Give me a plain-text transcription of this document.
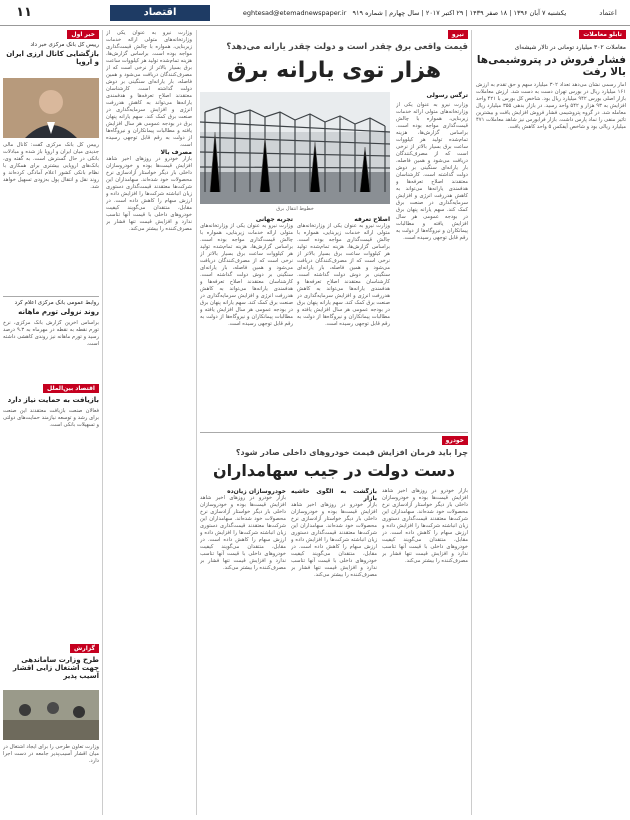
۱۱	اقتصاد	یکشنبه ۷ آبان ۱۳۹۶ | ۱۸ صفر ۱۴۳۹ | ۲۹ اکتبر ۲۰۱۷ | سال چهارم | شماره ۹۱۹   eghtesad@etemadnewspaper.ir	اعتماد
تابلو معاملات
معاملات ۳۰۲ میلیارد تومانی در تالار شیشه‌ای
فشار فروش در پتروشیمی‌ها بالا رفت
آمار رسمی نشان می‌دهد تعداد ۳۰۲ میلیارد سهم و حق تقدم به ارزش ۱۶۱ میلیارد ریال در بورس تهران دست به دست شد. ارزش معاملات بازار اصلی بورس ۹۴۲ میلیارد ریال بود. شاخص کل بورس با ۴۲۱ واحد افزایش به ۹۳ هزار و ۵۴۲ واحد رسید. در بازار بدهی ۳۵۵ میلیارد ریال معامله شد. در گروه پتروشیمی فشار فروش افزایش یافت و بیشترین تاثیر منفی را نماد پارس داشت. بازار فرابورس نیز شاهد معاملات ۴۷۱ میلیارد ریالی بود و شاخص آیفکس ۵ واحد کاهش یافت.
نیرو
قیمت واقعی برق چقدر است و دولت چقدر یارانه می‌دهد؟
هزار توی یارانه برق
خطوط انتقال برق
ترگس رسولی
وزارت نیرو به عنوان یکی از وزارتخانه‌های متولی ارائه خدمات زیربنایی، همواره با چالش قیمت‌گذاری مواجه بوده است. براساس گزارش‌ها، هزینه تمام‌شده تولید هر کیلووات ساعت برق بسیار بالاتر از نرخی است که از مصرف‌کنندگان دریافت می‌شود و همین فاصله، بار یارانه‌ای سنگینی بر دوش دولت گذاشته است. کارشناسان معتقدند اصلاح تعرفه‌ها و هدفمندی یارانه‌ها می‌تواند به کاهش هدررفت انرژی و افزایش سرمایه‌گذاری در صنعت برق کمک کند. سهم یارانه پنهان برق در بودجه عمومی هر سال افزایش یافته و مطالبات پیمانکاران و نیروگاه‌ها از دولت به رقم قابل توجهی رسیده است.
اصلاح تعرفه
وزارت نیرو به عنوان یکی از وزارتخانه‌های متولی ارائه خدمات زیربنایی، همواره با چالش قیمت‌گذاری مواجه بوده است. براساس گزارش‌ها، هزینه تمام‌شده تولید هر کیلووات ساعت برق بسیار بالاتر از نرخی است که از مصرف‌کنندگان دریافت می‌شود و همین فاصله، بار یارانه‌ای سنگینی بر دوش دولت گذاشته است. کارشناسان معتقدند اصلاح تعرفه‌ها و هدفمندی یارانه‌ها می‌تواند به کاهش هدررفت انرژی و افزایش سرمایه‌گذاری در صنعت برق کمک کند. سهم یارانه پنهان برق در بودجه عمومی هر سال افزایش یافته و مطالبات پیمانکاران و نیروگاه‌ها از دولت به رقم قابل توجهی رسیده است.
تجربه جهانی
وزارت نیرو به عنوان یکی از وزارتخانه‌های متولی ارائه خدمات زیربنایی، همواره با چالش قیمت‌گذاری مواجه بوده است. براساس گزارش‌ها، هزینه تمام‌شده تولید هر کیلووات ساعت برق بسیار بالاتر از نرخی است که از مصرف‌کنندگان دریافت می‌شود و همین فاصله، بار یارانه‌ای سنگینی بر دوش دولت گذاشته است. کارشناسان معتقدند اصلاح تعرفه‌ها و هدفمندی یارانه‌ها می‌تواند به کاهش هدررفت انرژی و افزایش سرمایه‌گذاری در صنعت برق کمک کند. سهم یارانه پنهان برق در بودجه عمومی هر سال افزایش یافته و مطالبات پیمانکاران و نیروگاه‌ها از دولت به رقم قابل توجهی رسیده است.
خودرو
چرا باید فرمان افزایش قیمت خودروهای داخلی صادر شود؟
دست دولت در جیب سهامداران
بازار خودرو در روزهای اخیر شاهد افزایش قیمت‌ها بوده و خودروسازان داخلی بار دیگر خواستار آزادسازی نرخ محصولات خود شده‌اند. سهامداران این شرکت‌ها معتقدند قیمت‌گذاری دستوری زیان انباشته شرکت‌ها را افزایش داده و ارزش سهام را کاهش داده است. در مقابل، منتقدان می‌گویند کیفیت خودروهای داخلی با قیمت آنها تناسب ندارد و افزایش قیمت تنها فشار بر مصرف‌کننده را بیشتر می‌کند.
بازگشت به الگوی حاشیه بازار
بازار خودرو در روزهای اخیر شاهد افزایش قیمت‌ها بوده و خودروسازان داخلی بار دیگر خواستار آزادسازی نرخ محصولات خود شده‌اند. سهامداران این شرکت‌ها معتقدند قیمت‌گذاری دستوری زیان انباشته شرکت‌ها را افزایش داده و ارزش سهام را کاهش داده است. در مقابل، منتقدان می‌گویند کیفیت خودروهای داخلی با قیمت آنها تناسب ندارد و افزایش قیمت تنها فشار بر مصرف‌کننده را بیشتر می‌کند.
خودروسازان زیان‌ده
بازار خودرو در روزهای اخیر شاهد افزایش قیمت‌ها بوده و خودروسازان داخلی بار دیگر خواستار آزادسازی نرخ محصولات خود شده‌اند. سهامداران این شرکت‌ها معتقدند قیمت‌گذاری دستوری زیان انباشته شرکت‌ها را افزایش داده و ارزش سهام را کاهش داده است. در مقابل، منتقدان می‌گویند کیفیت خودروهای داخلی با قیمت آنها تناسب ندارد و افزایش قیمت تنها فشار بر مصرف‌کننده را بیشتر می‌کند.
وزارت نیرو به عنوان یکی از وزارتخانه‌های متولی ارائه خدمات زیربنایی، همواره با چالش قیمت‌گذاری مواجه بوده است. براساس گزارش‌ها، هزینه تمام‌شده تولید هر کیلووات ساعت برق بسیار بالاتر از نرخی است که از مصرف‌کنندگان دریافت می‌شود و همین فاصله، بار یارانه‌ای سنگینی بر دوش دولت گذاشته است. کارشناسان معتقدند اصلاح تعرفه‌ها و هدفمندی یارانه‌ها می‌تواند به کاهش هدررفت انرژی و افزایش سرمایه‌گذاری در صنعت برق کمک کند. سهم یارانه پنهان برق در بودجه عمومی هر سال افزایش یافته و مطالبات پیمانکاران و نیروگاه‌ها از دولت به رقم قابل توجهی رسیده است.
مصرف بالا
بازار خودرو در روزهای اخیر شاهد افزایش قیمت‌ها بوده و خودروسازان داخلی بار دیگر خواستار آزادسازی نرخ محصولات خود شده‌اند. سهامداران این شرکت‌ها معتقدند قیمت‌گذاری دستوری زیان انباشته شرکت‌ها را افزایش داده و ارزش سهام را کاهش داده است. در مقابل، منتقدان می‌گویند کیفیت خودروهای داخلی با قیمت آنها تناسب ندارد و افزایش قیمت تنها فشار بر مصرف‌کننده را بیشتر می‌کند.
خبر اول
رییس کل بانک مرکزی خبر داد
بازگشایی کانال ارزی ایران و اروپا
رییس کل بانک مرکزی گفت: کانال مالی جدیدی میان ایران و اروپا باز شده و مبادلات بانکی در حال گسترش است. به گفته وی، بانک‌های اروپایی بیشتری برای همکاری با نظام بانکی کشور اعلام آمادگی کرده‌اند و روند نقل و انتقال پول به‌زودی تسهیل خواهد شد.
روابط عمومی بانک مرکزی اعلام کرد
روند نزولی تورم ماهانه
براساس آخرین گزارش بانک مرکزی، نرخ تورم نقطه به نقطه در مهرماه به ۹.۳ درصد رسید و تورم ماهانه نیز روندی کاهشی داشته است.
اقتصاد بین‌الملل
بازیافت به حمایت نیاز دارد
فعالان صنعت بازیافت معتقدند این صنعت برای رشد و توسعه نیازمند حمایت‌های دولتی و تسهیلات بانکی است.
گزارش
طرح وزارت ساماندهی جهت اشتغال زایی اقشار آسیب پذیر
وزارت تعاون طرحی را برای ایجاد اشتغال در میان اقشار آسیب‌پذیر جامعه در دست اجرا دارد.
